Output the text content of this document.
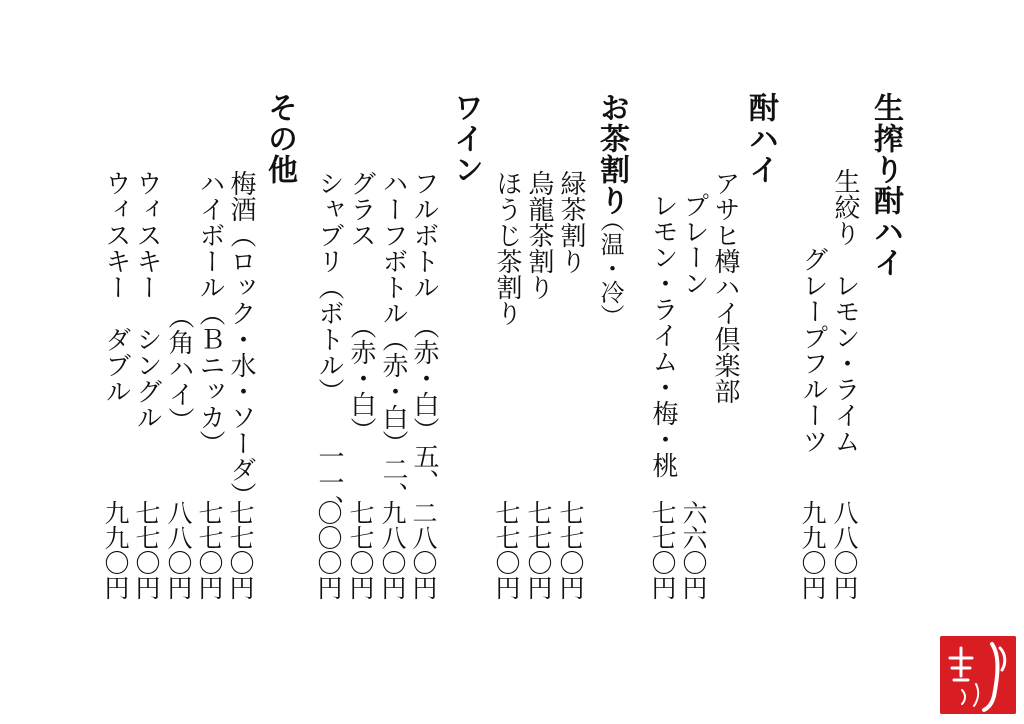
生搾り酎ハイ
生絞り　レモン・ライム
八八〇円
　　　グレープフルーツ
九九〇円
酎ハイ
アサヒ樽ハイ倶楽部
プレーン
六六〇円
レモン・ライム・梅・桃
七七〇円
お茶割り
（温・冷）
緑茶割り
七七〇円
烏龍茶割り
七七〇円
ほうじ茶割り
七七〇円
ワイン
フルボトル　（赤・白）五、
二八〇円
ハーフボトル（赤・白）二、
九八〇円
グラス　　　（赤・白）
七七〇円
シャブリ（ボトル）　　一一、
〇〇〇円
その他
梅酒（ロック・水・ソーダ）
七七〇円
ハイボール（Ｂニッカ）
七七〇円
　（角ハイ）
八八〇円
ウィスキー　シングル
七七〇円
ウィスキー　ダブル
九九〇円
